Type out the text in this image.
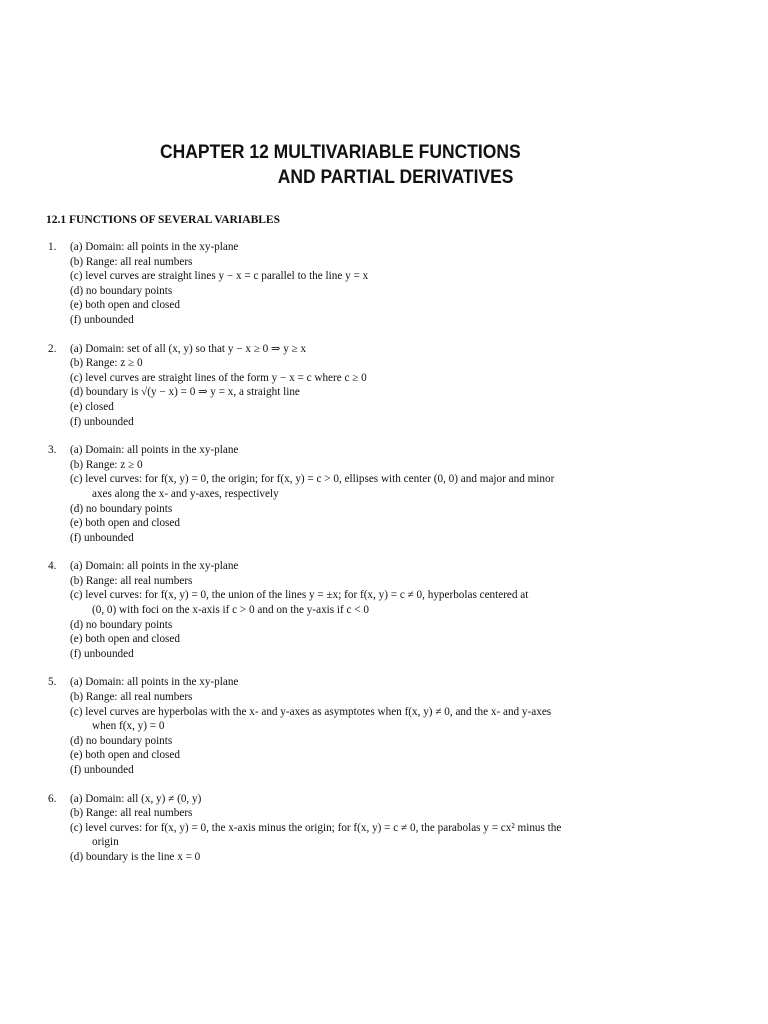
CHAPTER 12 MULTIVARIABLE FUNCTIONS
AND PARTIAL DERIVATIVES
12.1 FUNCTIONS OF SEVERAL VARIABLES
1. (a) Domain: all points in the xy-plane
(b) Range: all real numbers
(c) level curves are straight lines y − x = c parallel to the line y = x
(d) no boundary points
(e) both open and closed
(f) unbounded
2. (a) Domain: set of all (x, y) so that y − x ≥ 0 ⇒ y ≥ x
(b) Range: z ≥ 0
(c) level curves are straight lines of the form y − x = c where c ≥ 0
(d) boundary is √(y − x) = 0 ⇒ y = x, a straight line
(e) closed
(f) unbounded
3. (a) Domain: all points in the xy-plane
(b) Range: z ≥ 0
(c) level curves: for f(x, y) = 0, the origin; for f(x, y) = c > 0, ellipses with center (0, 0) and major and minor
axes along the x- and y-axes, respectively
(d) no boundary points
(e) both open and closed
(f) unbounded
4. (a) Domain: all points in the xy-plane
(b) Range: all real numbers
(c) level curves: for f(x, y) = 0, the union of the lines y = ±x; for f(x, y) = c ≠ 0, hyperbolas centered at
(0, 0) with foci on the x-axis if c > 0 and on the y-axis if c < 0
(d) no boundary points
(e) both open and closed
(f) unbounded
5. (a) Domain: all points in the xy-plane
(b) Range: all real numbers
(c) level curves are hyperbolas with the x- and y-axes as asymptotes when f(x, y) ≠ 0, and the x- and y-axes
when f(x, y) = 0
(d) no boundary points
(e) both open and closed
(f) unbounded
6. (a) Domain: all (x, y) ≠ (0, y)
(b) Range: all real numbers
(c) level curves: for f(x, y) = 0, the x-axis minus the origin; for f(x, y) = c ≠ 0, the parabolas y = cx² minus the
origin
(d) boundary is the line x = 0
